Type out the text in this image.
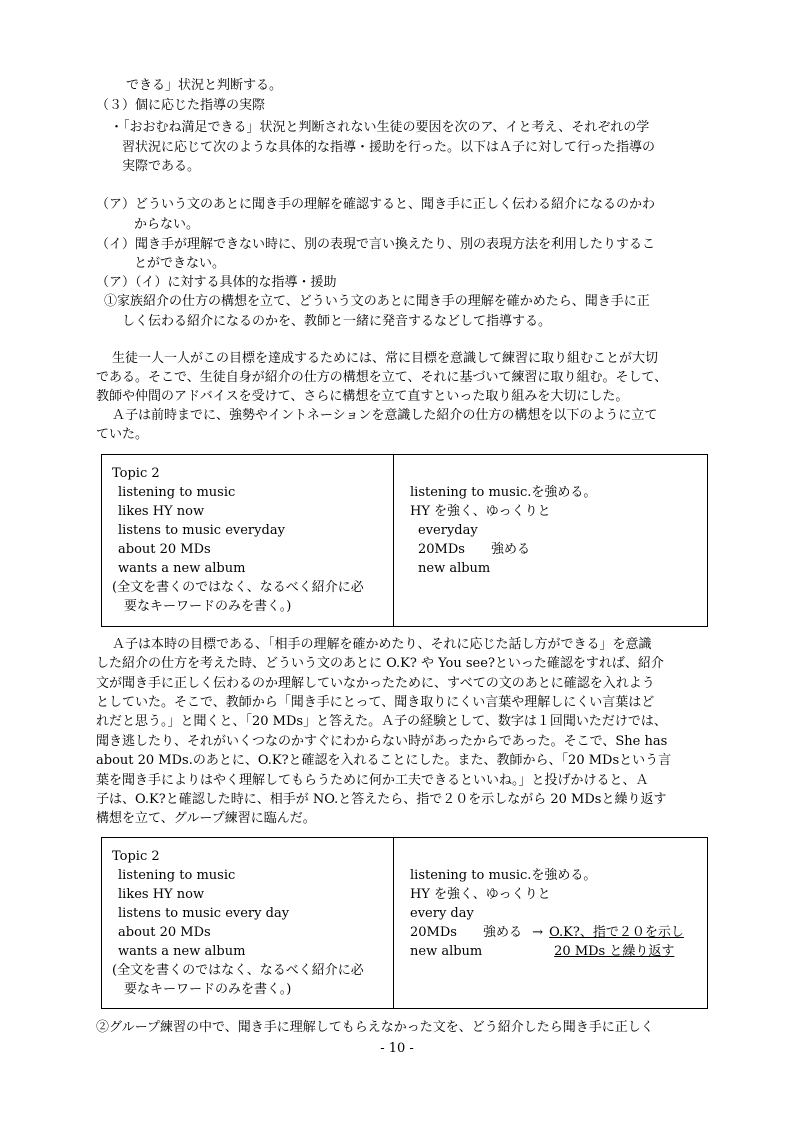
できる」状況と判断する。
（３）個に応じた指導の実際
・「おおむね満足できる」状況と判断されない生徒の要因を次のア、イと考え、それぞれの学
習状況に応じて次のような具体的な指導・援助を行った。以下はＡ子に対して行った指導の
実際である。
（ア）どういう文のあとに聞き手の理解を確認すると、聞き手に正しく伝わる紹介になるのかわ
からない。
（イ）聞き手が理解できない時に、別の表現で言い換えたり、別の表現方法を利用したりするこ
とができない。
（ア）（イ）に対する具体的な指導・援助
①家族紹介の仕方の構想を立て、どういう文のあとに聞き手の理解を確かめたら、聞き手に正
しく伝わる紹介になるのかを、教師と一緒に発音するなどして指導する。
生徒一人一人がこの目標を達成するためには、常に目標を意識して練習に取り組むことが大切
である。そこで、生徒自身が紹介の仕方の構想を立て、それに基づいて練習に取り組む。そして、
教師や仲間のアドバイスを受けて、さらに構想を立て直すといった取り組みを大切にした。
Ａ子は前時までに、強勢やイントネーションを意識した紹介の仕方の構想を以下のように立て
ていた。
Topic 2
listening to music
likes HY now
listens to music everyday
about 20 MDs
wants a new album
(全文を書くのではなく、なるべく紹介に必
要なキーワードのみを書く。)
listening to music.を強める。
HY を強く、ゆっくりと
everyday
20MDs　　強める
new album
Ａ子は本時の目標である、「相手の理解を確かめたり、それに応じた話し方ができる」を意識
した紹介の仕方を考えた時、どういう文のあとに O.K? や You see?といった確認をすれば、紹介
文が聞き手に正しく伝わるのか理解していなかったために、すべての文のあとに確認を入れよう
としていた。そこで、教師から「聞き手にとって、聞き取りにくい言葉や理解しにくい言葉はど
れだと思う。」と聞くと、「20 MDs」と答えた。Ａ子の経験として、数字は１回聞いただけでは、
聞き逃したり、それがいくつなのかすぐにわからない時があったからであった。そこで、She has
about 20 MDs.のあとに、O.K?と確認を入れることにした。また、教師から、「20 MDsという言
葉を聞き手によりはやく理解してもらうために何か工夫できるといいね。」と投げかけると、Ａ
子は、O.K?と確認した時に、相手が NO.と答えたら、指で２０を示しながら 20 MDsと繰り返す
構想を立て、グループ練習に臨んだ。
Topic 2
listening to music
likes HY now
listens to music every day
about 20 MDs
wants a new album
(全文を書くのではなく、なるべく紹介に必
要なキーワードのみを書く。)
listening to music.を強める。
HY を強く、ゆっくりと
every day
20MDs　　強める → O.K?、指で２０を示し
new album	20 MDs と繰り返す
②グループ練習の中で、聞き手に理解してもらえなかった文を、どう紹介したら聞き手に正しく
- 10 -
